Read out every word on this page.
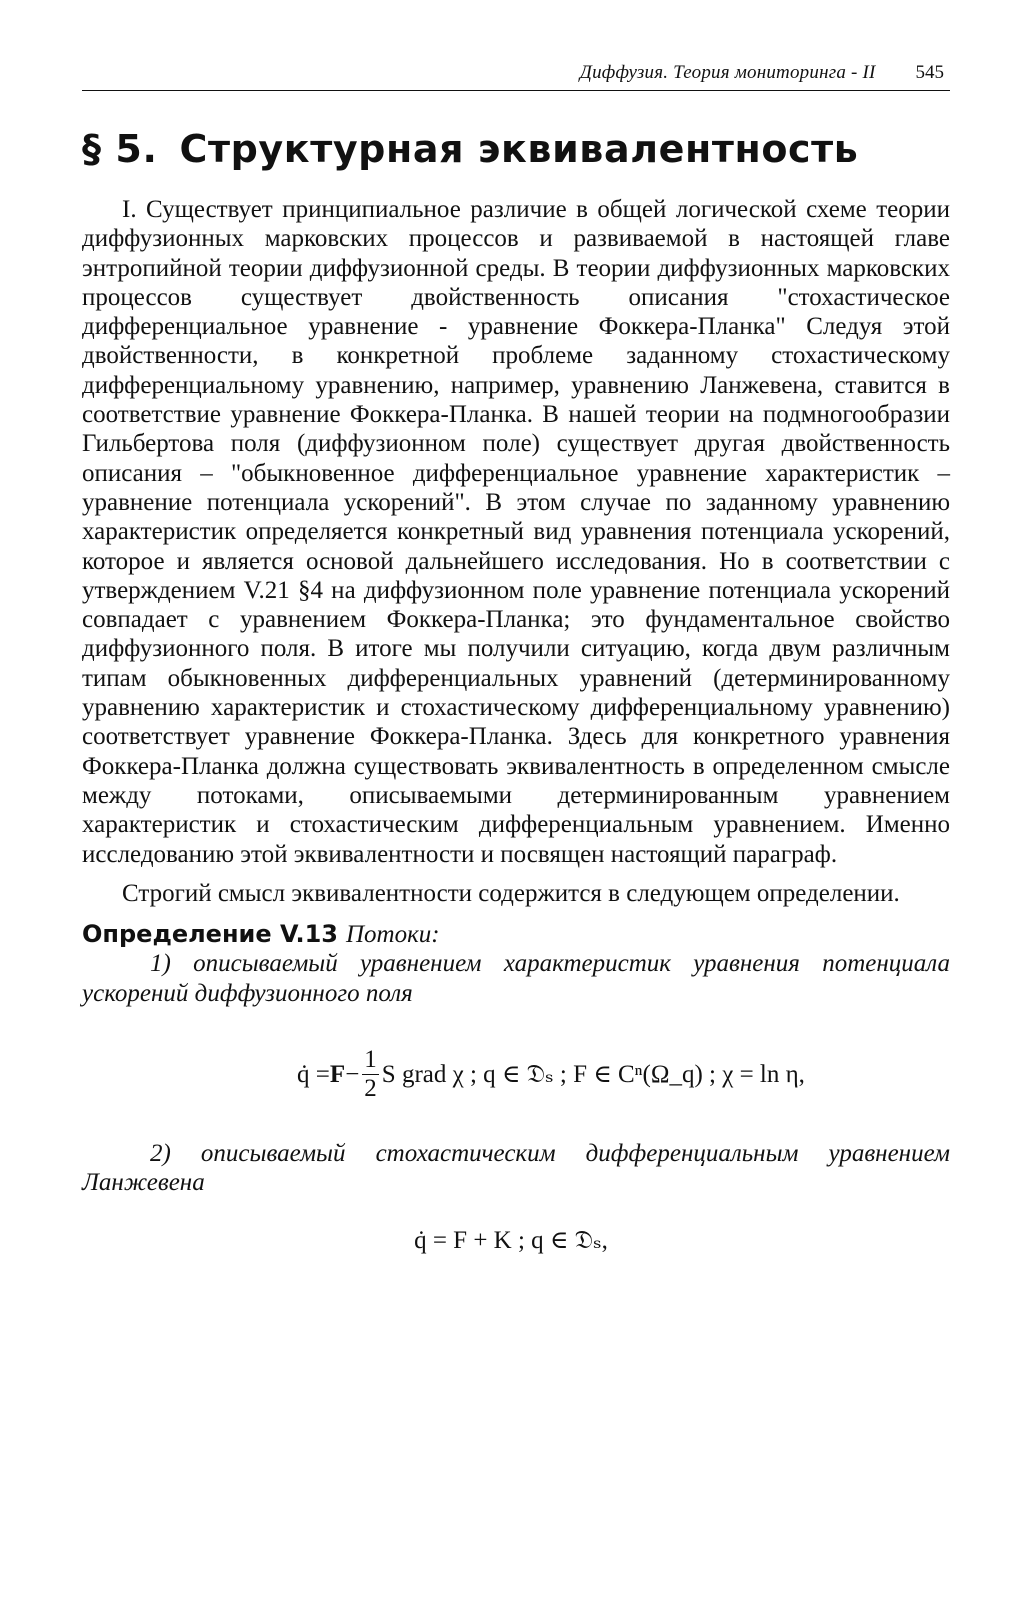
Диффузия. Теория мониторинга - II 545
§ 5. Структурная эквивалентность

I. Существует принципиальное различие в общей логической схеме теории диффузионных марковских процессов и развиваемой в настоящей главе энтропийной теории диффузионной среды. В теории диффузионных марковских процессов существует двойственность описания "стохастическое дифференциальное уравнение - уравнение Фоккера-Планка" Следуя этой двойственности, в конкретной проблеме заданному стохастическому дифференциальному уравнению, например, уравнению Ланжевена, ставится в соответствие уравнение Фоккера-Планка. В нашей теории на подмногообразии Гильбертова поля (диффузионном поле) существует другая двойственность описания – "обыкновенное дифференциальное уравнение характеристик – уравнение потенциала ускорений". В этом случае по заданному уравнению характеристик определяется конкретный вид уравнения потенциала ускорений, которое и является основой дальнейшего исследования. Но в соответствии с утверждением V.21 §4 на диффузионном поле уравнение потенциала ускорений совпадает с уравнением Фоккера-Планка; это фундаментальное свойство диффузионного поля. В итоге мы получили ситуацию, когда двум различным типам обыкновенных дифференциальных уравнений (детерминированному уравнению характеристик и стохастическому дифференциальному уравнению) соответствует уравнение Фоккера-Планка. Здесь для конкретного уравнения Фоккера-Планка должна существовать эквивалентность в определенном смысле между потоками, описываемыми детерминированным уравнением характеристик и стохастическим дифференциальным уравнением. Именно исследованию этой эквивалентности и посвящен настоящий параграф.

Строгий смысл эквивалентности содержится в следующем определении.

Определение V.13 Потоки:
1) описываемый уравнением характеристик уравнения потенциала ускорений диффузионного поля
q̇ = $F - \frac{1}{2}$ S grad χ ; q ∈ 𝔇ₛ ; F ∈ Cⁿ(Ω_q) ; χ = ln η,
2) описываемый стохастическим дифференциальным уравнением Ланжевена
q̇ = F + K ; q ∈ 𝔇ₛ,
